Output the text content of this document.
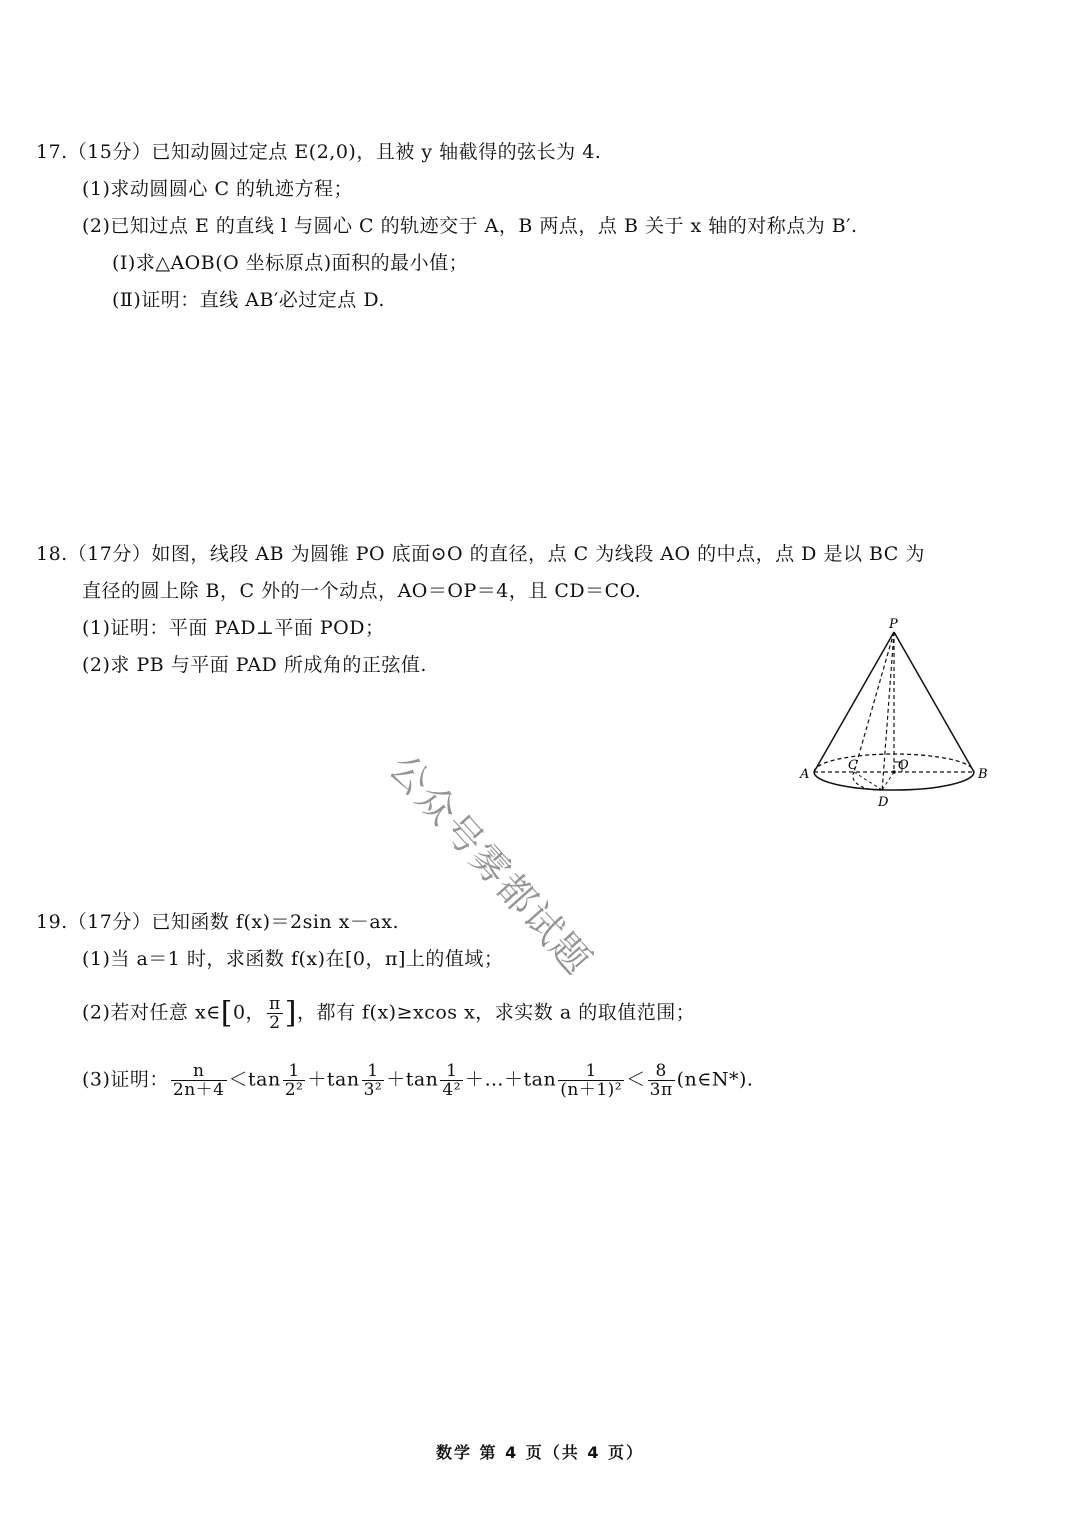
17.（15分）已知动圆过定点 E(2,0)，且被 y 轴截得的弦长为 4.
(1)求动圆圆心 C 的轨迹方程；
(2)已知过点 E 的直线 l 与圆心 C 的轨迹交于 A，B 两点，点 B 关于 x 轴的对称点为 B′.
(Ⅰ)求△AOB(O 坐标原点)面积的最小值；
(Ⅱ)证明：直线 AB′必过定点 D.
18.（17分）如图，线段 AB 为圆锥 PO 底面⊙O 的直径，点 C 为线段 AO 的中点，点 D 是以 BC 为
直径的圆上除 B，C 外的一个动点，AO＝OP＝4，且 CD＝CO.
(1)证明：平面 PAD⊥平面 POD；
(2)求 PB 与平面 PAD 所成角的正弦值.
P
A	B
C	O
D
公众号雾都试题
19.（17分）已知函数 f(x)＝2sin x－ax.
(1)当 a＝1 时，求函数 f(x)在[0，π]上的值域；
(2)若对任意 x∈[0， $\frac{\pi}{2}$ ]，都有 f(x)≥xcos x，求实数 a 的取值范围；
(3)证明： $\frac{n}{2n+4} <\tan \frac{1}{\text{2²}} +\tan \frac{1}{\text{3²}} +\tan \frac{1}{\text{4²}}$ ＋…＋tan $\frac{1}{\text{(n＋1)²}} < \frac{8}{3\pi}$ (n∈N*).
数学 第 4 页（共 4 页）
